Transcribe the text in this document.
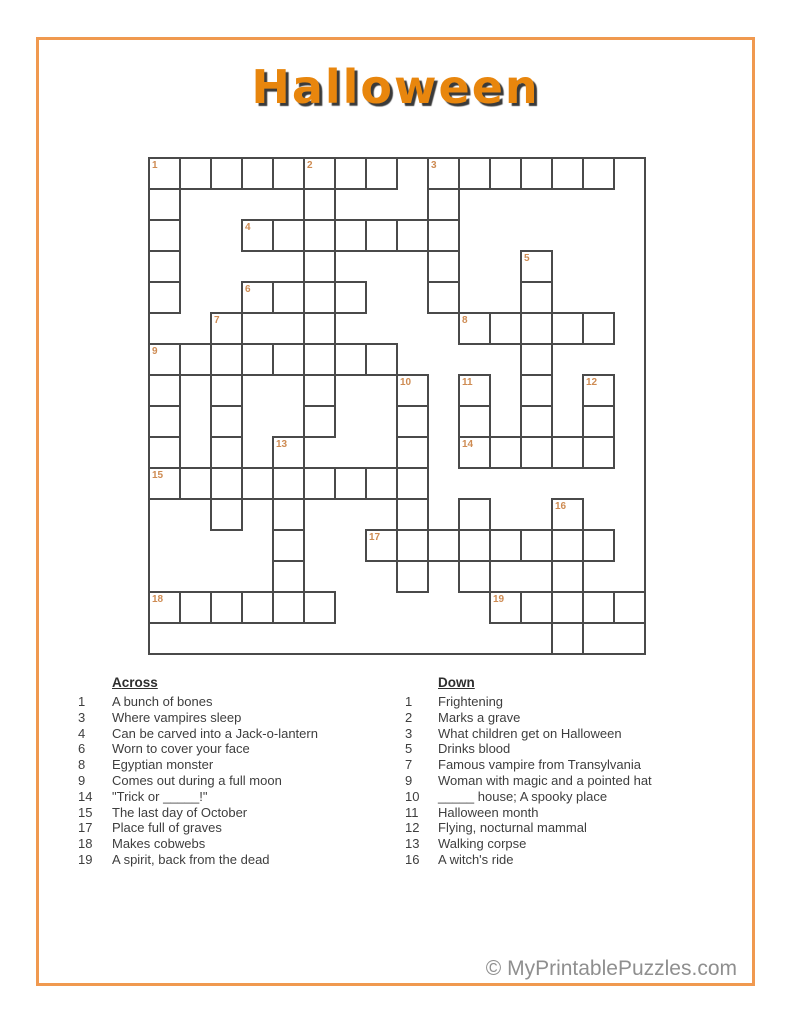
Halloween
1	2	3
4
5
6
7	8
9
10	11	12
13	14
15
16
17
18	19
Across
1	A bunch of bones
3	Where vampires sleep
4	Can be carved into a Jack-o-lantern
6	Worn to cover your face
8	Egyptian monster
9	Comes out during a full moon
14	"Trick or _____!"
15	The last day of October
17	Place full of graves
18	Makes cobwebs
19	A spirit, back from the dead
Down
1	Frightening
2	Marks a grave
3	What children get on Halloween
5	Drinks blood
7	Famous vampire from Transylvania
9	Woman with magic and a pointed hat
10	_____ house; A spooky place
11	Halloween month
12	Flying, nocturnal mammal
13	Walking corpse
16	A witch's ride
© MyPrintablePuzzles.com
